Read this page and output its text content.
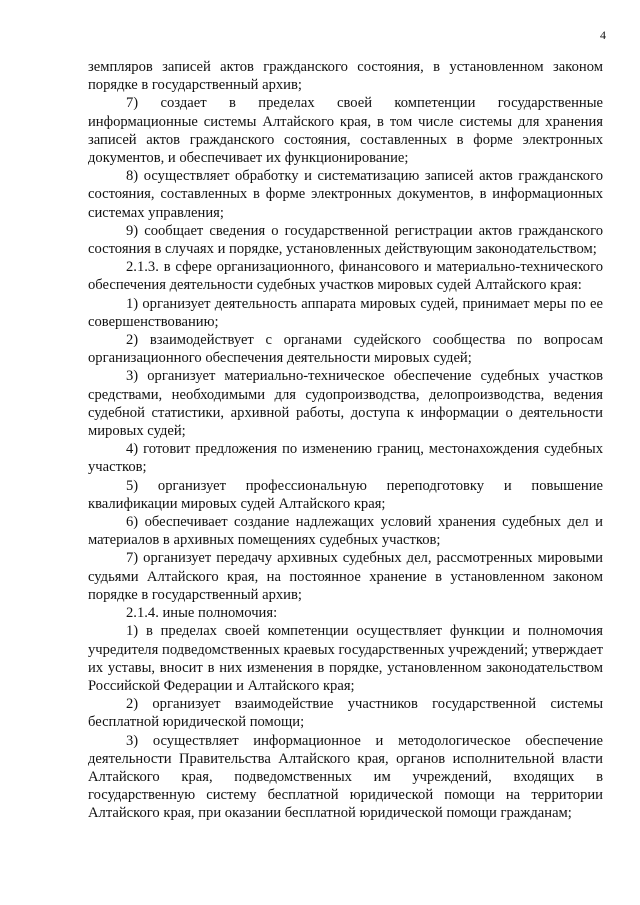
4

земпляров записей актов гражданского состояния, в установленном законом порядке в государственный архив;

7) создает в пределах своей компетенции государственные информационные системы Алтайского края, в том числе системы для хранения записей актов гражданского состояния, составленных в форме электронных документов, и обеспечивает их функционирование;

8) осуществляет обработку и систематизацию записей актов гражданского состояния, составленных в форме электронных документов, в информационных системах управления;

9) сообщает сведения о государственной регистрации актов гражданского состояния в случаях и порядке, установленных действующим законодательством;

2.1.3. в сфере организационного, финансового и материально-технического обеспечения деятельности судебных участков мировых судей Алтайского края:

1) организует деятельность аппарата мировых судей, принимает меры по ее совершенствованию;

2) взаимодействует с органами судейского сообщества по вопросам организационного обеспечения деятельности мировых судей;

3) организует материально-техническое обеспечение судебных участков средствами, необходимыми для судопроизводства, делопроизводства, ведения судебной статистики, архивной работы, доступа к информации о деятельности мировых судей;

4) готовит предложения по изменению границ, местонахождения судебных участков;

5) организует профессиональную переподготовку и повышение квалификации мировых судей Алтайского края;

6) обеспечивает создание надлежащих условий хранения судебных дел и материалов в архивных помещениях судебных участков;

7) организует передачу архивных судебных дел, рассмотренных мировыми судьями Алтайского края, на постоянное хранение в установленном законом порядке в государственный архив;

2.1.4. иные полномочия:

1) в пределах своей компетенции осуществляет функции и полномочия учредителя подведомственных краевых государственных учреждений; утверждает их уставы, вносит в них изменения в порядке, установленном законодательством Российской Федерации и Алтайского края;

2) организует взаимодействие участников государственной системы бесплатной юридической помощи;

3) осуществляет информационное и методологическое обеспечение деятельности Правительства Алтайского края, органов исполнительной власти Алтайского края, подведомственных им учреждений, входящих в государственную систему бесплатной юридической помощи на территории Алтайского края, при оказании бесплатной юридической помощи гражданам;
